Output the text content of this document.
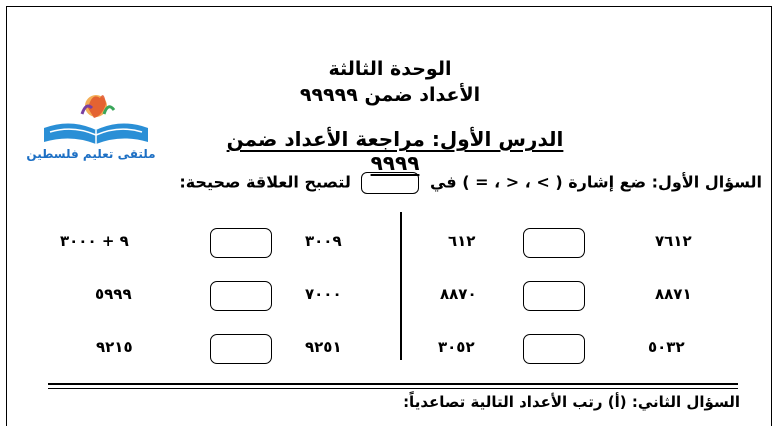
الوحدة الثالثة
الأعداد ضمن ٩٩٩٩٩
ملتقى تعليم فلسطين
الدرس الأول: مراجعة الأعداد ضمن ٩٩٩٩
السؤال الأول: ضع إشارة ( > ، < ، = ) في  لتصبح العلاقة صحيحة:
٧٦١٢
٦١٢
٨٨٧١
٨٨٧٠
٥٠٣٢
٣٠٥٢
٣٠٠٩
٩ + ٣٠٠٠
٧٠٠٠
٥٩٩٩
٩٢٥١
٩٢١٥
السؤال الثاني: (أ) رتب الأعداد التالية تصاعدياً:
